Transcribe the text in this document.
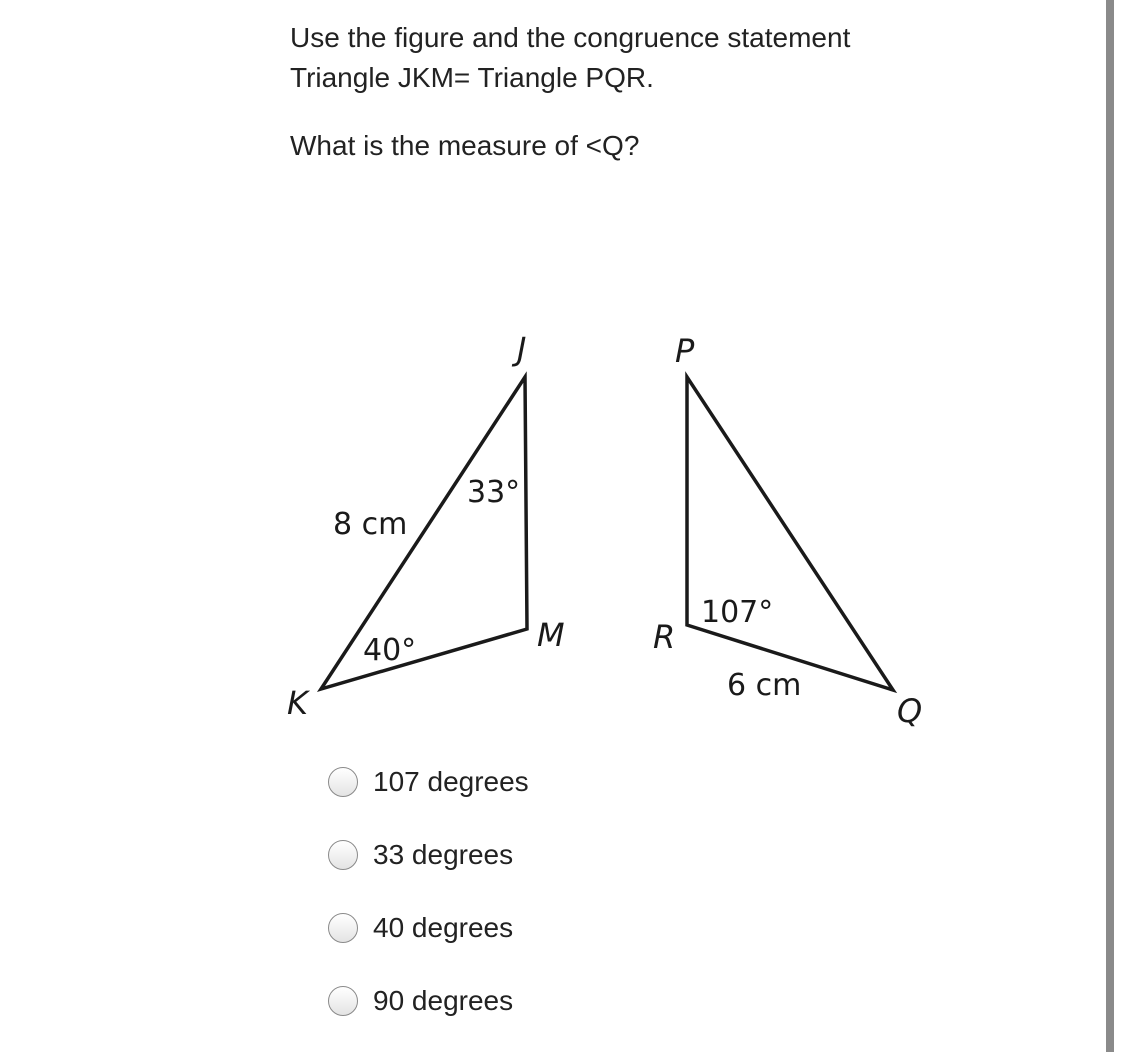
Use the figure and the congruence statement

Triangle JKM= Triangle PQR.

What is the measure of <Q?

J
K
M
8 cm
33°
40°
P
Q
R
107°
6 cm
107 degrees
33 degrees
40 degrees
90 degrees
